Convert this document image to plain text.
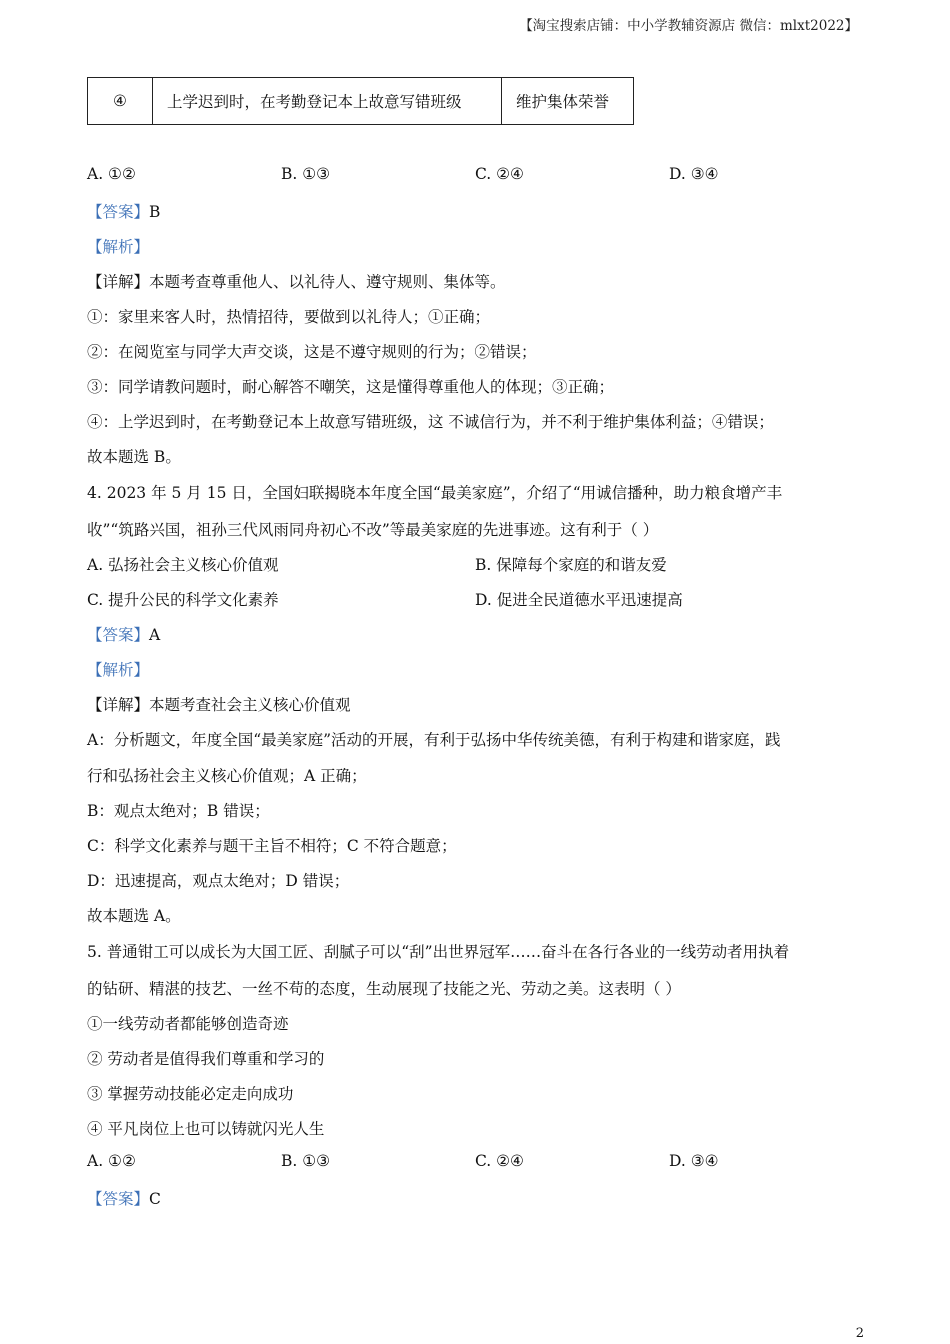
【淘宝搜索店铺：中小学教辅资源店 微信：mlxt2022】
④	上学迟到时，在考勤登记本上故意写错班级	维护集体荣誉
A. ①②	B. ①③	C. ②④	D. ③④
【答案】B
【解析】
【详解】本题考查尊重他人、以礼待人、遵守规则、集体等。
①：家里来客人时，热情招待，要做到以礼待人；①正确；
②：在阅览室与同学大声交谈，这是不遵守规则的行为；②错误；
③：同学请教问题时，耐心解答不嘲笑，这是懂得尊重他人的体现；③正确；
④：上学迟到时，在考勤登记本上故意写错班级，这 不诚信行为，并不利于维护集体利益；④错误；
故本题选 B。
4. 2023 年 5 月 15 日，全国妇联揭晓本年度全国“最美家庭”，介绍了“用诚信播种，助力粮食增产丰
收”“筑路兴国，祖孙三代风雨同舟初心不改”等最美家庭的先进事迹。这有利于（ ）
A. 弘扬社会主义核心价值观	B. 保障每个家庭的和谐友爱
C. 提升公民的科学文化素养	D. 促进全民道德水平迅速提高
【答案】A
【解析】
【详解】本题考查社会主义核心价值观
A：分析题文，年度全国“最美家庭”活动的开展，有利于弘扬中华传统美德，有利于构建和谐家庭，践
行和弘扬社会主义核心价值观；A 正确；
B：观点太绝对；B 错误；
C：科学文化素养与题干主旨不相符；C 不符合题意；
D：迅速提高，观点太绝对；D 错误；
故本题选 A。
5. 普通钳工可以成长为大国工匠、刮腻子可以“刮”出世界冠军……奋斗在各行各业的一线劳动者用执着
的钻研、精湛的技艺、一丝不苟的态度，生动展现了技能之光、劳动之美。这表明（ ）
①一线劳动者都能够创造奇迹
② 劳动者是值得我们尊重和学习的
③ 掌握劳动技能必定走向成功
④ 平凡岗位上也可以铸就闪光人生
A. ①②	B. ①③	C. ②④	D. ③④
【答案】C
2
